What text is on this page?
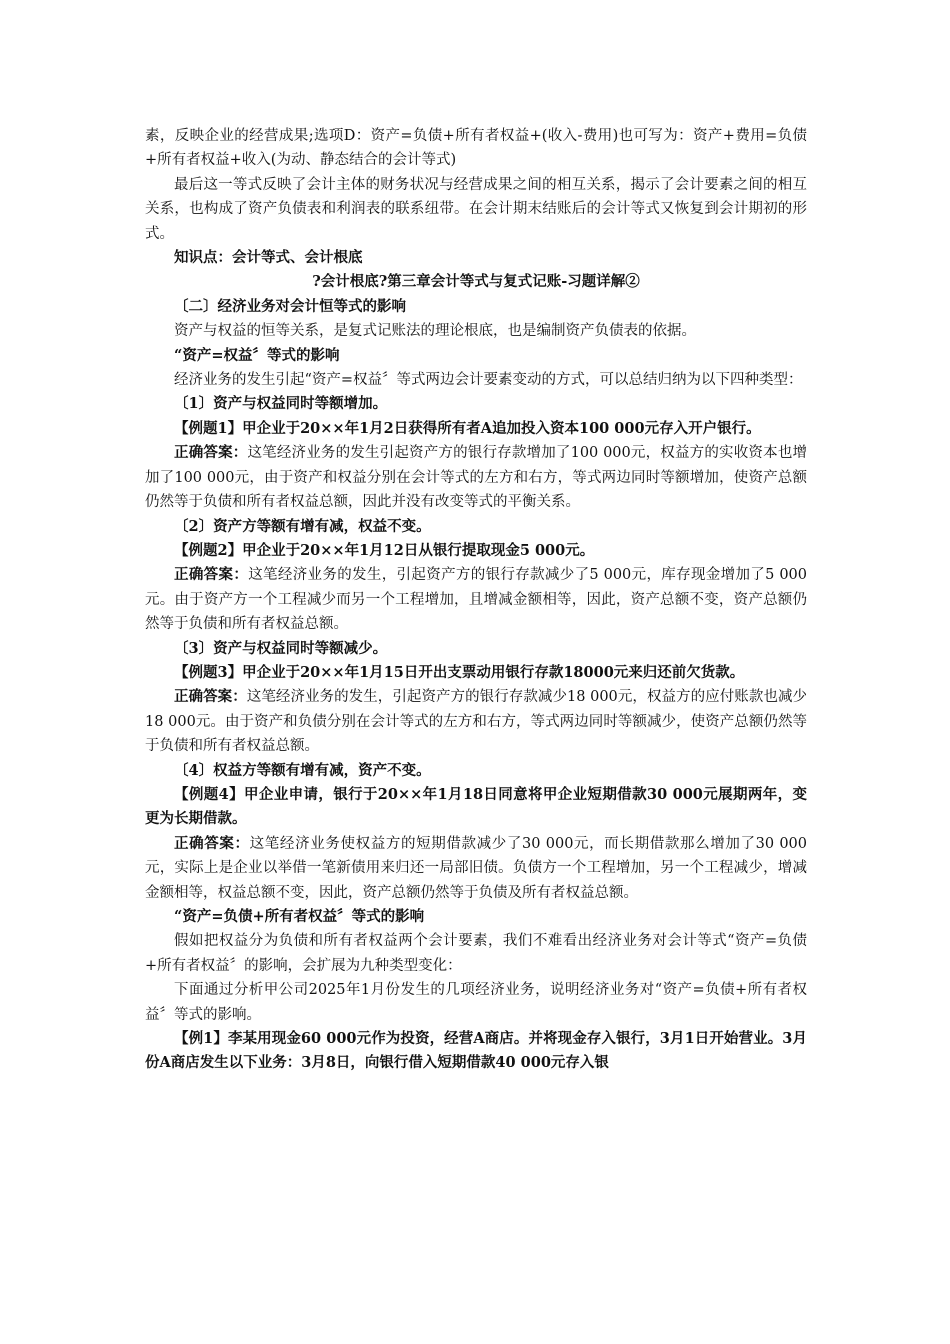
素，反映企业的经营成果;选项D：资产=负债+所有者权益+(收入-费用)也可写为：资产+费用=负债+所有者权益+收入(为动、静态结合的会计等式)

最后这一等式反映了会计主体的财务状况与经营成果之间的相互关系，揭示了会计要素之间的相互关系，也构成了资产负债表和利润表的联系纽带。在会计期末结账后的会计等式又恢复到会计期初的形式。

知识点：会计等式、会计根底

?会计根底?第三章会计等式与复式记账-习题详解②

〔二〕经济业务对会计恒等式的影响

资产与权益的恒等关系，是复式记账法的理论根底，也是编制资产负债表的依据。

“资产=权益〞等式的影响

经济业务的发生引起“资产=权益〞等式两边会计要素变动的方式，可以总结归纳为以下四种类型：

〔1〕资产与权益同时等额增加。

【例题1】甲企业于20××年1月2日获得所有者A追加投入资本100 000元存入开户银行。

正确答案：这笔经济业务的发生引起资产方的银行存款增加了100 000元，权益方的实收资本也增加了100 000元，由于资产和权益分别在会计等式的左方和右方，等式两边同时等额增加，使资产总额仍然等于负债和所有者权益总额，因此并没有改变等式的平衡关系。

〔2〕资产方等额有增有减，权益不变。

【例题2】甲企业于20××年1月12日从银行提取现金5 000元。

正确答案：这笔经济业务的发生，引起资产方的银行存款减少了5 000元，库存现金增加了5 000元。由于资产方一个工程减少而另一个工程增加，且增减金额相等，因此，资产总额不变，资产总额仍然等于负债和所有者权益总额。

〔3〕资产与权益同时等额减少。

【例题3】甲企业于20××年1月15日开出支票动用银行存款18000元来归还前欠货款。

正确答案：这笔经济业务的发生，引起资产方的银行存款减少18 000元，权益方的应付账款也减少18 000元。由于资产和负债分别在会计等式的左方和右方，等式两边同时等额减少，使资产总额仍然等于负债和所有者权益总额。

〔4〕权益方等额有增有减，资产不变。

【例题4】甲企业申请，银行于20××年1月18日同意将甲企业短期借款30 000元展期两年，变更为长期借款。

正确答案：这笔经济业务使权益方的短期借款减少了30 000元，而长期借款那么增加了30 000元，实际上是企业以举借一笔新债用来归还一局部旧债。负债方一个工程增加，另一个工程减少，增减金额相等，权益总额不变，因此，资产总额仍然等于负债及所有者权益总额。

“资产=负债+所有者权益〞等式的影响

假如把权益分为负债和所有者权益两个会计要素，我们不难看出经济业务对会计等式“资产=负债+所有者权益〞的影响，会扩展为九种类型变化：

下面通过分析甲公司2025年1月份发生的几项经济业务，说明经济业务对“资产=负债+所有者权益〞等式的影响。

【例1】李某用现金60 000元作为投资，经营A商店。并将现金存入银行，3月1日开始营业。3月份A商店发生以下业务：3月8日，向银行借入短期借款40 000元存入银
